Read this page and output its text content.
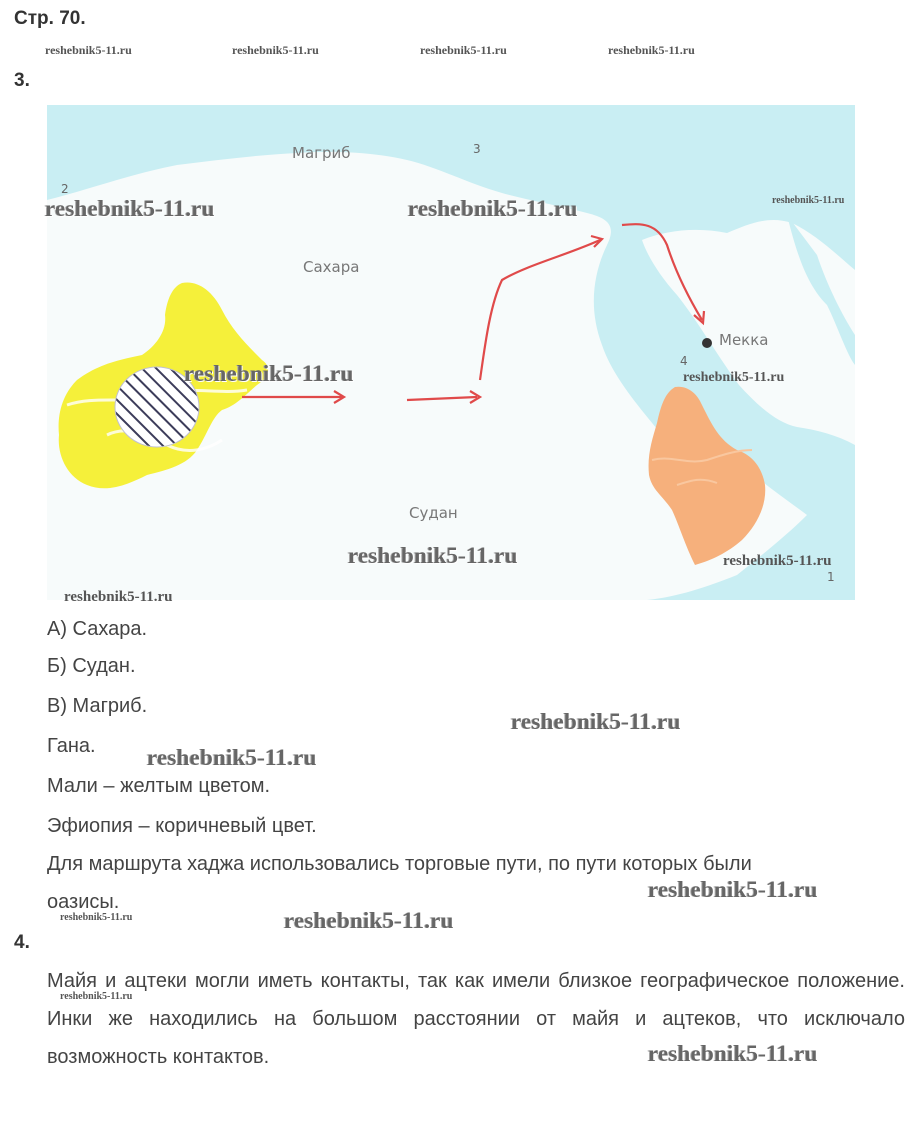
Стр. 70.
reshebnik5-11.ru	reshebnik5-11.ru	reshebnik5-11.ru	reshebnik5-11.ru
3.
Магриб
Сахара
Судан
Мекка
2
3
4
1
reshebnik5-11.ru	reshebnik5-11.ru	reshebnik5-11.ru
reshebnik5-11.ru	reshebnik5-11.ru
reshebnik5-11.ru	reshebnik5-11.ru
reshebnik5-11.ru
А) Сахара.
Б) Судан.
В) Магриб.
Гана.
Мали – желтым цветом.
Эфиопия – коричневый цвет.
Для маршрута хаджа использовались торговые пути, по пути которых были
оазисы.
reshebnik5-11.ru
reshebnik5-11.ru
reshebnik5-11.ru
reshebnik5-11.ru	reshebnik5-11.ru
4.
Майя и ацтеки могли иметь контакты, так как имели близкое географическое положение. Инки же находились на большом расстоянии от майя и ацтеков, что исключало возможность контактов.
reshebnik5-11.ru
reshebnik5-11.ru
